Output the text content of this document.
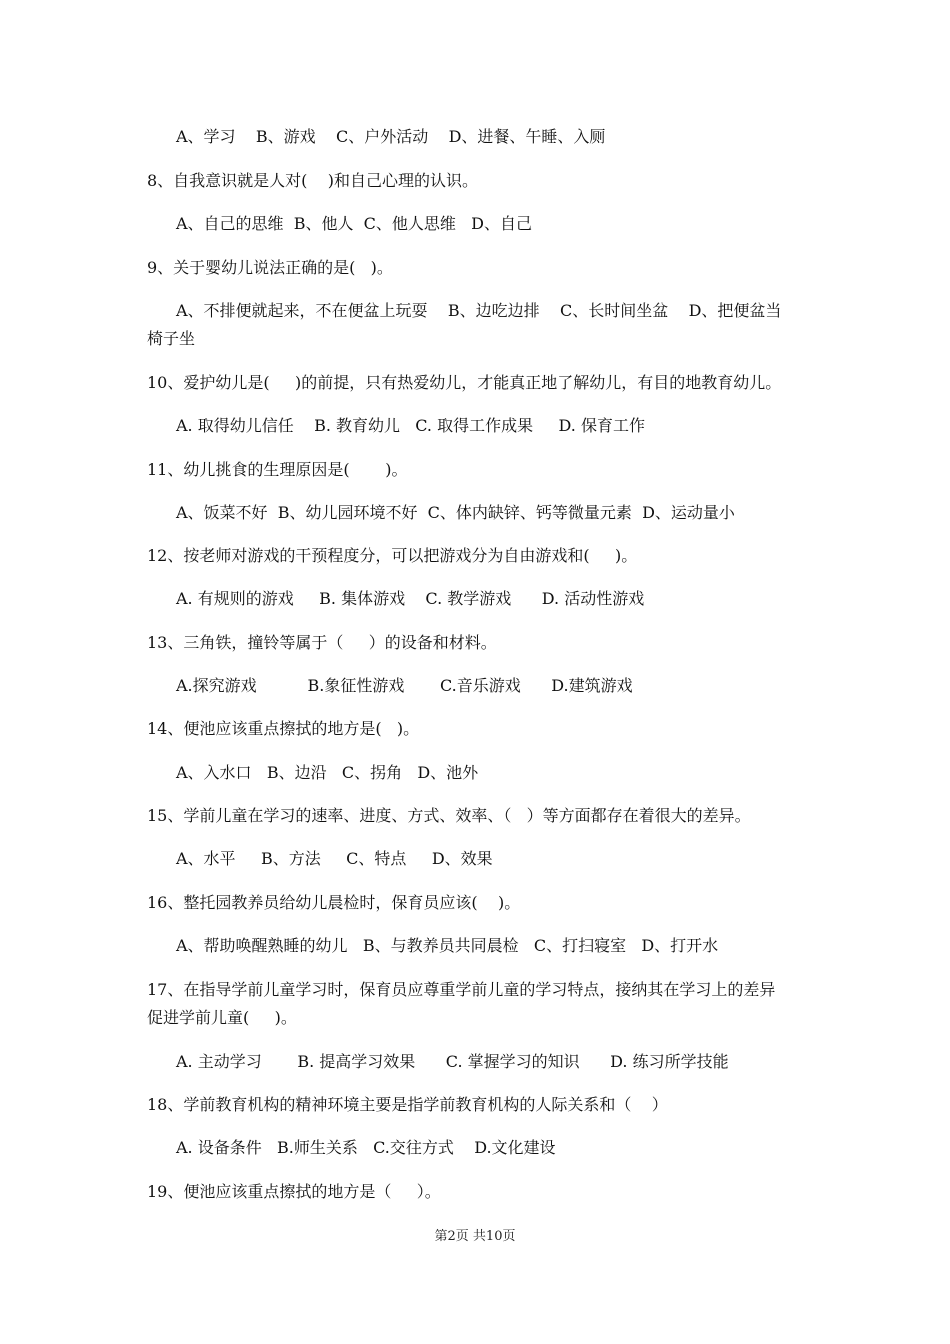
A、学习    B、游戏    C、户外活动    D、进餐、午睡、入厕
8、自我意识就是人对(    )和自己心理的认识。
A、自己的思维  B、他人  C、他人思维   D、自己
9、关于婴幼儿说法正确的是(   )。
A、不排便就起来，不在便盆上玩耍    B、边吃边排    C、长时间坐盆    D、把便盆当
椅子坐
10、爱护幼儿是(     )的前提，只有热爱幼儿，才能真正地了解幼儿，有目的地教育幼儿。
A. 取得幼儿信任    B. 教育幼儿   C. 取得工作成果     D. 保育工作
11、幼儿挑食的生理原因是(       )。
A、饭菜不好  B、幼儿园环境不好  C、体内缺锌、钙等微量元素  D、运动量小
12、按老师对游戏的干预程度分，可以把游戏分为自由游戏和(     )。
A. 有规则的游戏     B. 集体游戏    C. 教学游戏      D. 活动性游戏
13、三角铁，撞铃等属于（     ）的设备和材料。
A.探究游戏          B.象征性游戏       C.音乐游戏      D.建筑游戏
14、便池应该重点擦拭的地方是(   )。
A、入水口   B、边沿   C、拐角   D、池外
15、学前儿童在学习的速率、进度、方式、效率、（   ）等方面都存在着很大的差异。
A、水平     B、方法     C、特点     D、效果
16、整托园教养员给幼儿晨检时，保育员应该(    )。
A、帮助唤醒熟睡的幼儿   B、与教养员共同晨检   C、打扫寝室   D、打开水
17、在指导学前儿童学习时，保育员应尊重学前儿童的学习特点，接纳其在学习上的差异
促进学前儿童(     )。
A. 主动学习       B. 提高学习效果      C. 掌握学习的知识      D. 练习所学技能
18、学前教育机构的精神环境主要是指学前教育机构的人际关系和（    ）
A. 设备条件   B.师生关系   C.交往方式    D.文化建设
19、便池应该重点擦拭的地方是（     ）。
第2页 共10页
